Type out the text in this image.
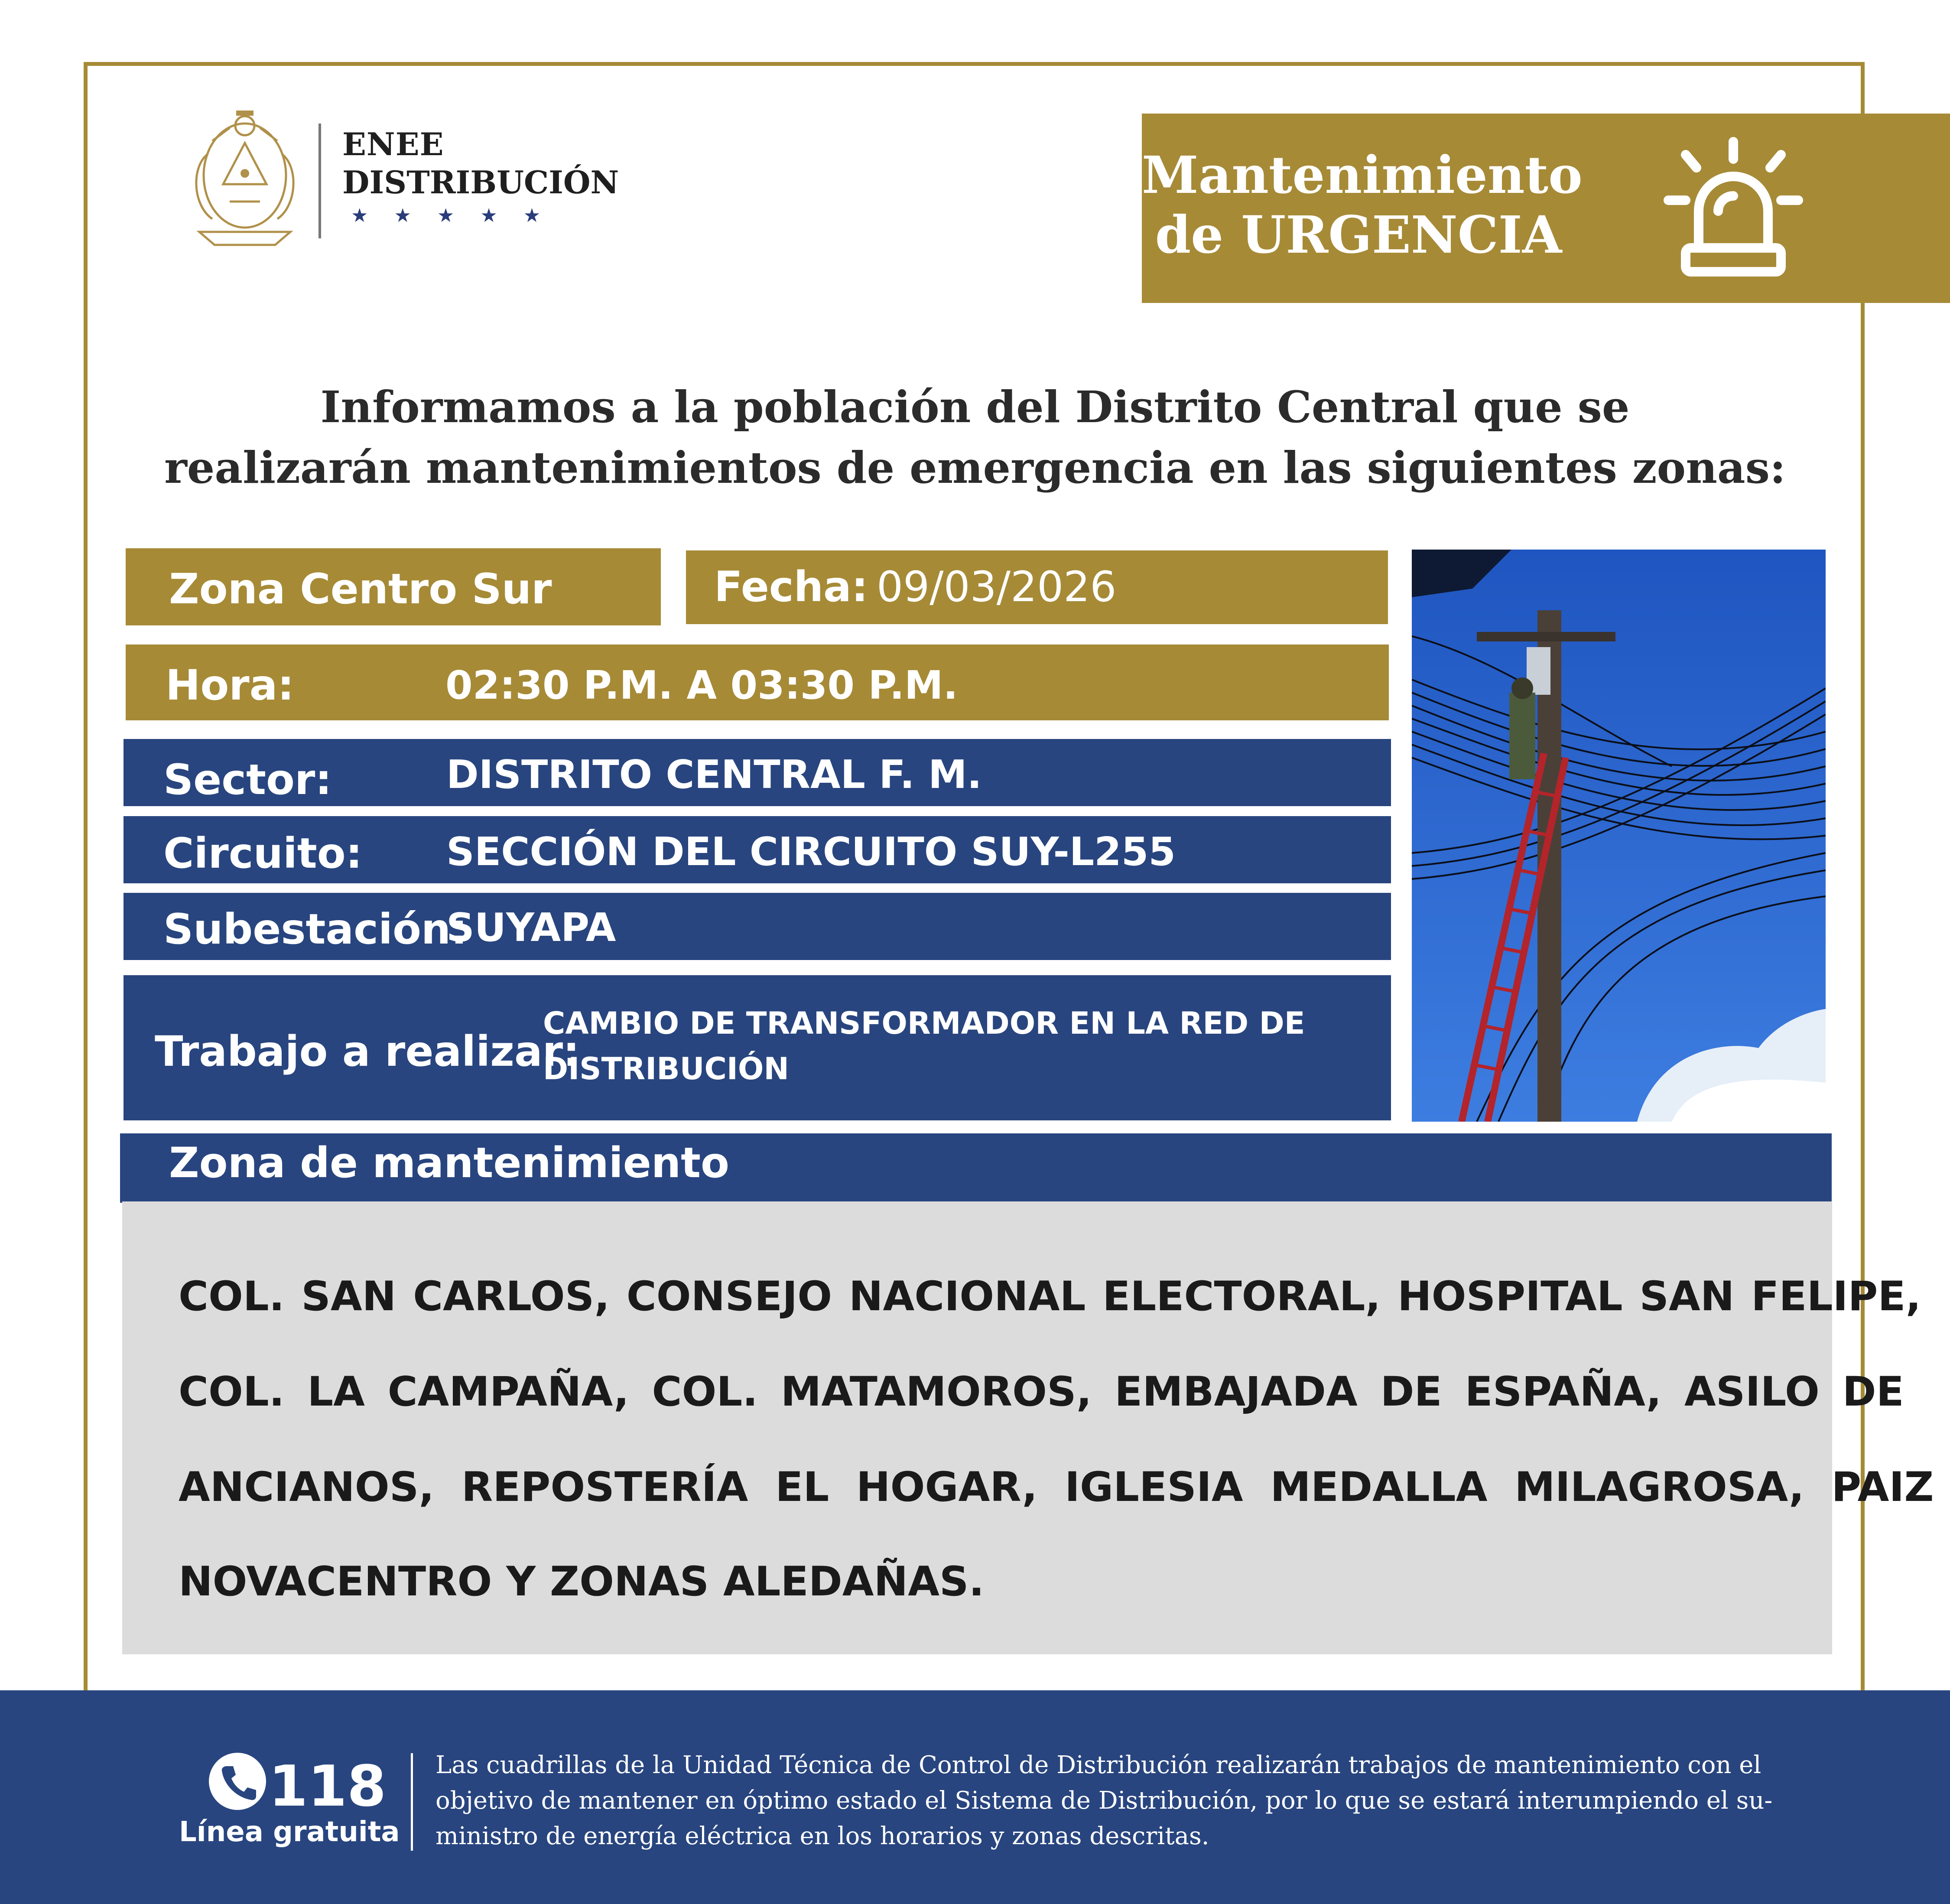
ENEE
DISTRIBUCIÓN
★★★★★
Mantenimiento
de URGENCIA
Informamos a la población del Distrito Central que se
realizarán mantenimientos de emergencia en las siguientes zonas:
Zona Centro Sur	Fecha: 09/03/2026
Hora:	02:30 P.M. A 03:30 P.M.
Sector:	DISTRITO CENTRAL F. M.
Circuito: SECCIÓN DEL CIRCUITO SUY-L255
Subestación:
SUYAPA
Trabajo a realizar:
CAMBIO DE TRANSFORMADOR EN LA RED DE
DISTRIBUCIÓN
Zona de mantenimiento
COL. SAN CARLOS, CONSEJO NACIONAL ELECTORAL, HOSPITAL SAN FELIPE,
COL. LA CAMPAÑA, COL. MATAMOROS, EMBAJADA DE ESPAÑA, ASILO DE
ANCIANOS, REPOSTERÍA EL HOGAR, IGLESIA MEDALLA MILAGROSA, PAIZ
NOVACENTRO Y ZONAS ALEDAÑAS.
118
Línea gratuita
Las cuadrillas de la Unidad Técnica de Control de Distribución realizarán trabajos de mantenimiento con el
objetivo de mantener en óptimo estado el Sistema de Distribución, por lo que se estará interumpiendo el su-
ministro de energía eléctrica en los horarios y zonas descritas.
